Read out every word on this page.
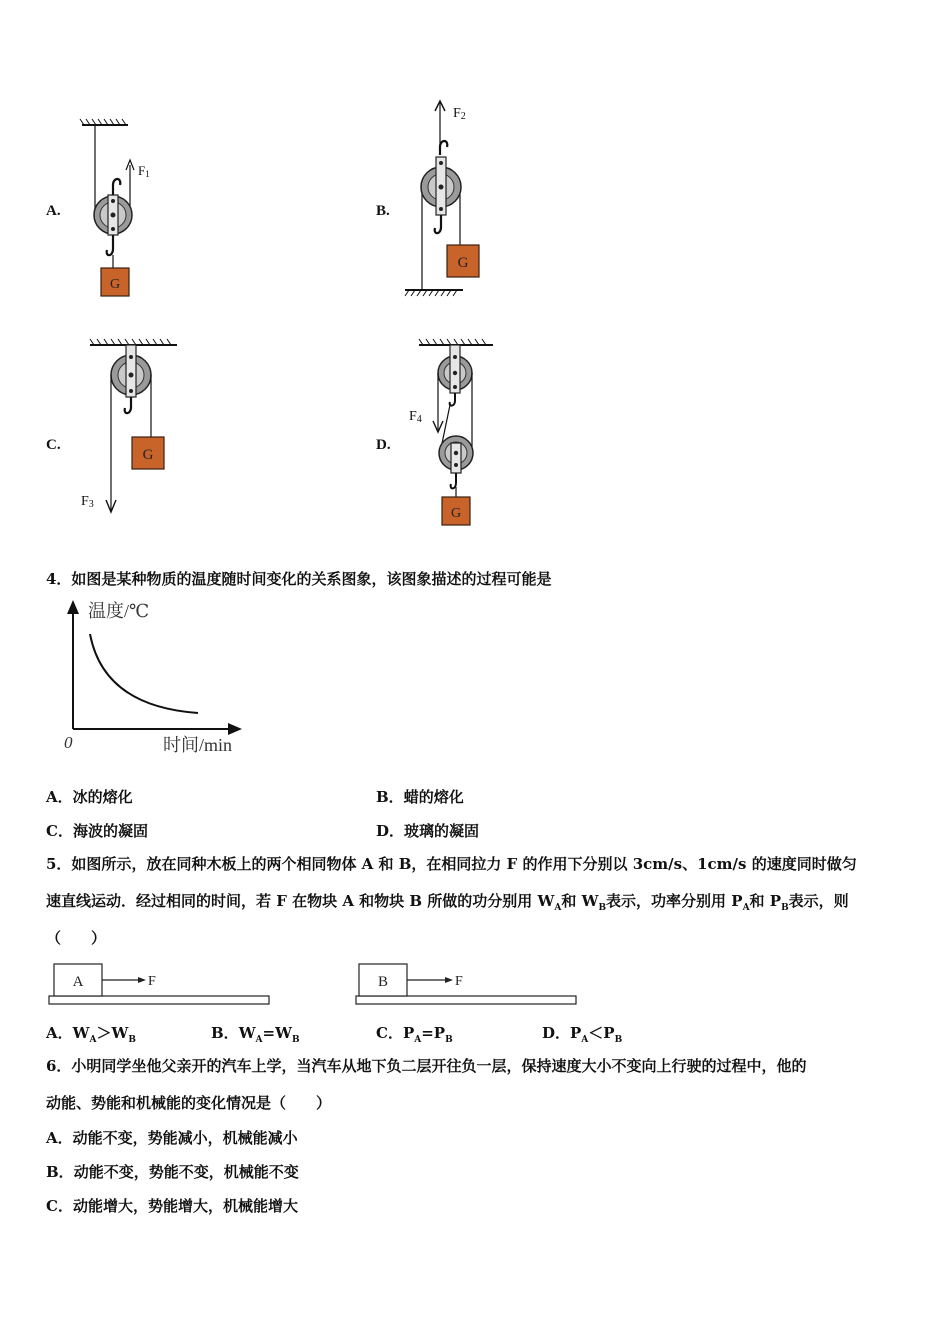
A.	B.
C.	D.
F1
G
F2
G
G
F3
F4
G
4．如图是某种物质的温度随时间变化的关系图象，该图象描述的过程可能是
温度/℃
时间/min
0
A．冰的熔化	B．蜡的熔化
C．海波的凝固	D．玻璃的凝固
5．如图所示，放在同种木板上的两个相同物体 A 和 B，在相同拉力 F 的作用下分别以 3cm/s、1cm/s 的速度同时做匀
速直线运动．经过相同的时间，若 F 在物块 A 和物块 B 所做的功分别用 $W_A$和 $W_B$表示，功率分别用 $P_A$和 $P_B$表示，则
（　　）
A	F	B	F
A．$W_A>W_B$	B．$W_A=W_B$	C．$P_A=P_B$	D．$P_A<P_B$
6．小明同学坐他父亲开的汽车上学，当汽车从地下负二层开往负一层，保持速度大小不变向上行驶的过程中，他的
动能、势能和机械能的变化情况是（　　）
A．动能不变，势能减小，机械能减小
B．动能不变，势能不变，机械能不变
C．动能增大，势能增大，机械能增大
